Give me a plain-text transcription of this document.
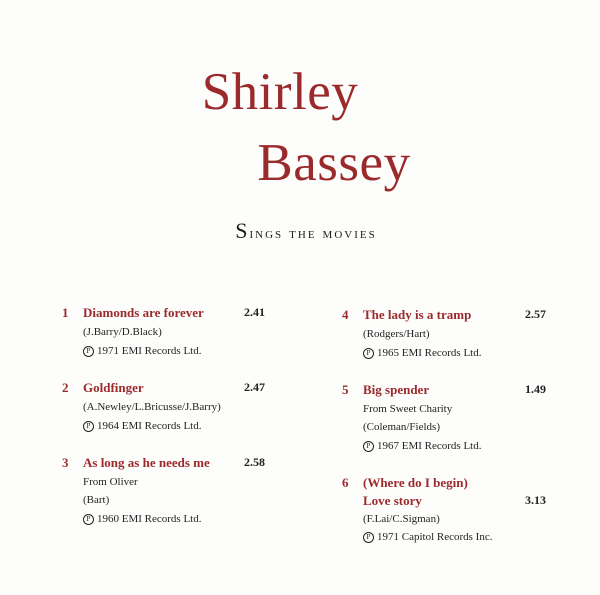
Shirley
Bassey
Sings the movies
1 Diamonds are forever	2.41
(J.Barry/D.Black)
P 1971 EMI Records Ltd.
2 Goldfinger	2.47
(A.Newley/L.Bricusse/J.Barry)
P 1964 EMI Records Ltd.
3 As long as he needs me	2.58
From Oliver
(Bart)
P 1960 EMI Records Ltd.
4 The lady is a tramp	2.57
(Rodgers/Hart)
P 1965 EMI Records Ltd.
5 Big spender	1.49
From Sweet Charity
(Coleman/Fields)
P 1967 EMI Records Ltd.
6 (Where do I begin)
Love story	3.13
(F.Lai/C.Sigman)
P 1971 Capitol Records Inc.
